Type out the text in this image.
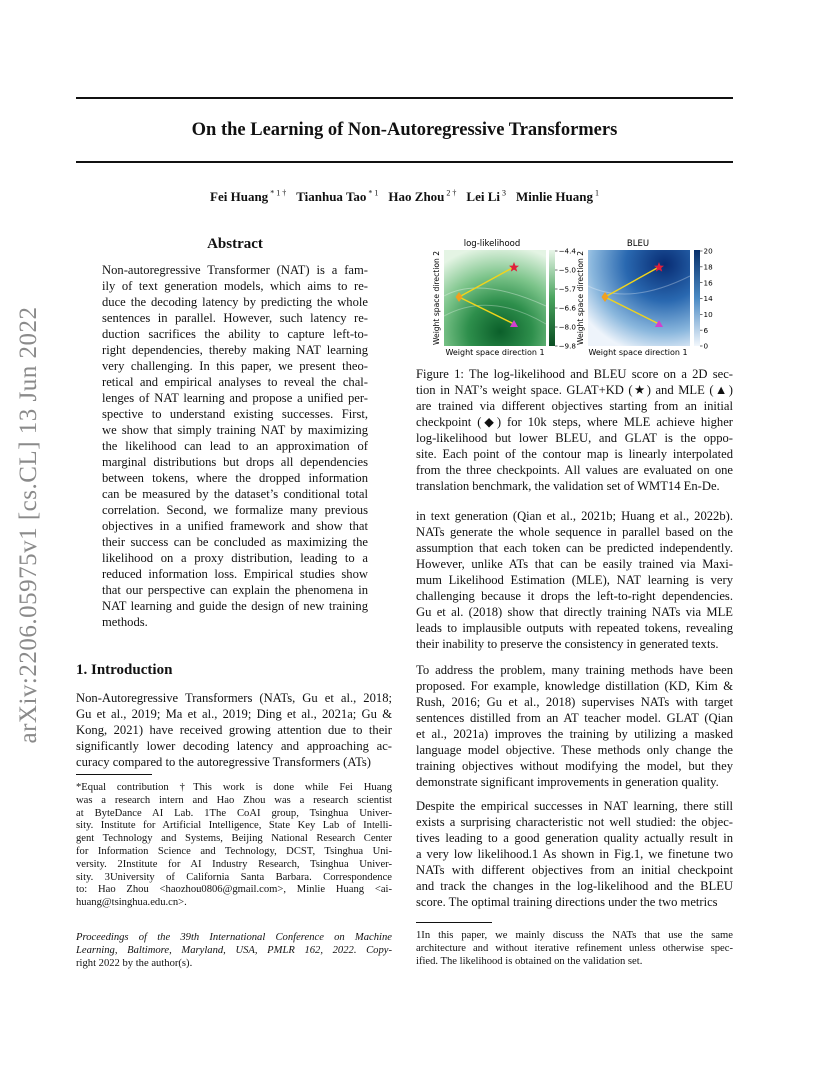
On the Learning of Non-Autoregressive Transformers
Fei Huang $^{* 1 \dagger}$ Tianhua Tao $^{* 1}$ Hao Zhou $^{2 \dagger}$ Lei Li $^3$ Minlie Huang $^1$
arXiv:2206.05975v1 [cs.CL] 13 Jun 2022
Abstract
Non-autoregressive Transformer (NAT) is a fam-
ily of text generation models, which aims to re-
duce the decoding latency by predicting the whole
sentences in parallel. However, such latency re-
duction sacrifices the ability to capture left-to-
right dependencies, thereby making NAT learning
very challenging. In this paper, we present theo-
retical and empirical analyses to reveal the chal-
lenges of NAT learning and propose a unified per-
spective to understand existing successes. First,
we show that simply training NAT by maximizing
the likelihood can lead to an approximation of
marginal distributions but drops all dependencies
between tokens, where the dropped information
can be measured by the dataset’s conditional total
correlation. Second, we formalize many previous
objectives in a unified framework and show that
their success can be concluded as maximizing the
likelihood on a proxy distribution, leading to a
reduced information loss. Empirical studies show
that our perspective can explain the phenomena in
NAT learning and guide the design of new training
methods.
1. Introduction
Non-Autoregressive Transformers (NATs, Gu et al., 2018;
Gu et al., 2019; Ma et al., 2019; Ding et al., 2021a; Gu &
Kong, 2021) have received growing attention due to their
significantly lower decoding latency and approaching ac-
curacy compared to the autoregressive Transformers (ATs)
*Equal contribution †This work is done while Fei Huang
was a research intern and Hao Zhou was a research scientist
at ByteDance AI Lab. 1The CoAI group, Tsinghua Univer-
sity. Institute for Artificial Intelligence, State Key Lab of Intelli-
gent Technology and Systems, Beijing National Research Center
for Information Science and Technology, DCST, Tsinghua Uni-
versity. 2Institute for AI Industry Research, Tsinghua Univer-
sity. 3University of California Santa Barbara. Correspondence
to: Hao Zhou <haozhou0806@gmail.com>, Minlie Huang <ai-
huang@tsinghua.edu.cn>.
Proceedings of the 39th International Conference on Machine
Learning, Baltimore, Maryland, USA, PMLR 162, 2022. Copy-
right 2022 by the author(s).
log-likelihood
Weight space direction 2
Weight space direction 1
−4.4
−5.0
−5.7
−6.6
−8.0
−9.8
BLEU
Weight space direction 2
Weight space direction 1
20
18
16
14
10
6
0
Figure 1: The log-likelihood and BLEU score on a 2D sec-
tion in NAT’s weight space. GLAT+KD (★) and MLE (▲)
are trained via different objectives starting from an initial
checkpoint (◆) for 10k steps, where MLE achieve higher
log-likelihood but lower BLEU, and GLAT is the oppo-
site. Each point of the contour map is linearly interpolated
from the three checkpoints. All values are evaluated on one
translation benchmark, the validation set of WMT14 En-De.
in text generation (Qian et al., 2021b; Huang et al., 2022b).
NATs generate the whole sequence in parallel based on the
assumption that each token can be predicted independently.
However, unlike ATs that can be easily trained via Maxi-
mum Likelihood Estimation (MLE), NAT learning is very
challenging because it drops the left-to-right dependencies.
Gu et al. (2018) show that directly training NATs via MLE
leads to implausible outputs with repeated tokens, revealing
their inability to preserve the consistency in generated texts.
To address the problem, many training methods have been
proposed. For example, knowledge distillation (KD, Kim &
Rush, 2016; Gu et al., 2018) supervises NATs with target
sentences distilled from an AT teacher model. GLAT (Qian
et al., 2021a) improves the training by utilizing a masked
language model objective. These methods only change the
training objectives without modifying the model, but they
demonstrate significant improvements in generation quality.
Despite the empirical successes in NAT learning, there still
exists a surprising characteristic not well studied: the objec-
tives leading to a good generation quality actually result in
a very low likelihood.1 As shown in Fig.1, we finetune two
NATs with different objectives from an initial checkpoint
and track the changes in the log-likelihood and the BLEU
score. The optimal training directions under the two metrics
1In this paper, we mainly discuss the NATs that use the same
architecture and without iterative refinement unless otherwise spec-
ified. The likelihood is obtained on the validation set.
